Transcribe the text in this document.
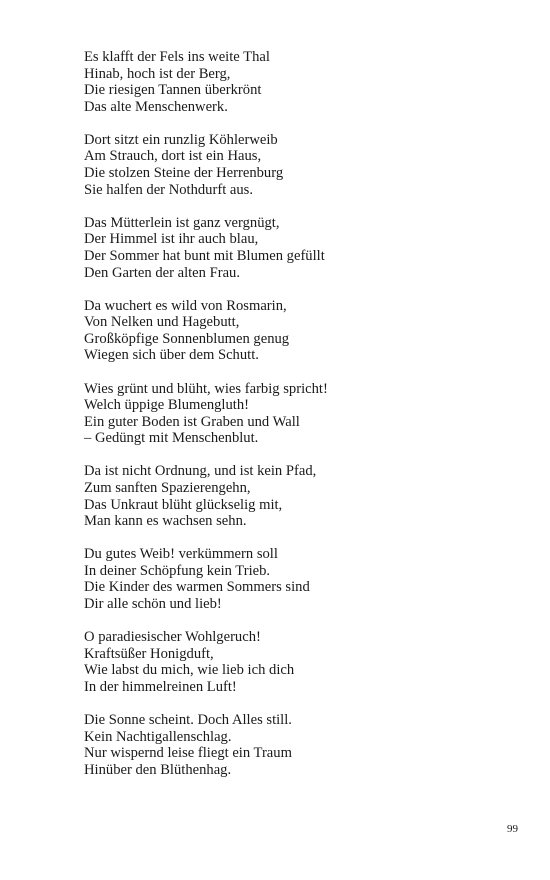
Es klafft der Fels ins weite Thal
Hinab, hoch ist der Berg,
Die riesigen Tannen überkrönt
Das alte Menschenwerk.
Dort sitzt ein runzlig Köhlerweib
Am Strauch, dort ist ein Haus,
Die stolzen Steine der Herrenburg
Sie halfen der Nothdurft aus.
Das Mütterlein ist ganz vergnügt,
Der Himmel ist ihr auch blau,
Der Sommer hat bunt mit Blumen gefüllt
Den Garten der alten Frau.
Da wuchert es wild von Rosmarin,
Von Nelken und Hagebutt,
Großköpfige Sonnenblumen genug
Wiegen sich über dem Schutt.
Wies grünt und blüht, wies farbig spricht!
Welch üppige Blumengluth!
Ein guter Boden ist Graben und Wall
– Gedüngt mit Menschenblut.
Da ist nicht Ordnung, und ist kein Pfad,
Zum sanften Spazierengehn,
Das Unkraut blüht glückselig mit,
Man kann es wachsen sehn.
Du gutes Weib! verkümmern soll
In deiner Schöpfung kein Trieb.
Die Kinder des warmen Sommers sind
Dir alle schön und lieb!
O paradiesischer Wohlgeruch!
Kraftsüßer Honigduft,
Wie labst du mich, wie lieb ich dich
In der himmelreinen Luft!
Die Sonne scheint. Doch Alles still.
Kein Nachtigallenschlag.
Nur wispernd leise fliegt ein Traum
Hinüber den Blüthenhag.
99
